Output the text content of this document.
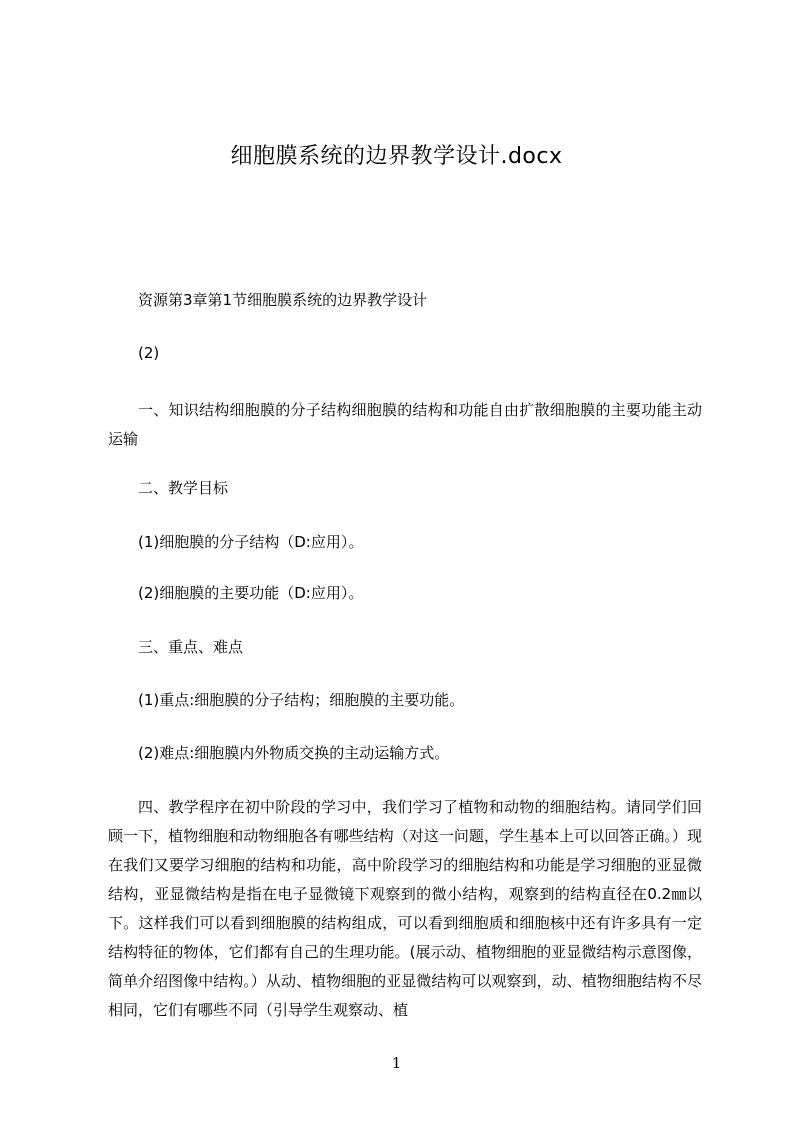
细胞膜系统的边界教学设计.docx

资源第3章第1节细胞膜系统的边界教学设计

(2)

一、知识结构细胞膜的分子结构细胞膜的结构和功能自由扩散细胞膜的主要功能主动运输

二、教学目标

(1)细胞膜的分子结构（D:应用）。

(2)细胞膜的主要功能（D:应用）。

三、重点、难点

(1)重点:细胞膜的分子结构；细胞膜的主要功能。

(2)难点:细胞膜内外物质交换的主动运输方式。

四、教学程序在初中阶段的学习中，我们学习了植物和动物的细胞结构。请同学们回顾一下，植物细胞和动物细胞各有哪些结构（对这一问题，学生基本上可以回答正确。）现在我们又要学习细胞的结构和功能，高中阶段学习的细胞结构和功能是学习细胞的亚显微结构，亚显微结构是指在电子显微镜下观察到的微小结构，观察到的结构直径在0.2㎜以下。这样我们可以看到细胞膜的结构组成，可以看到细胞质和细胞核中还有许多具有一定结构特征的物体，它们都有自己的生理功能。(展示动、植物细胞的亚显微结构示意图像，简单介绍图像中结构。）从动、植物细胞的亚显微结构可以观察到，动、植物细胞结构不尽相同，它们有哪些不同（引导学生观察动、植

1
